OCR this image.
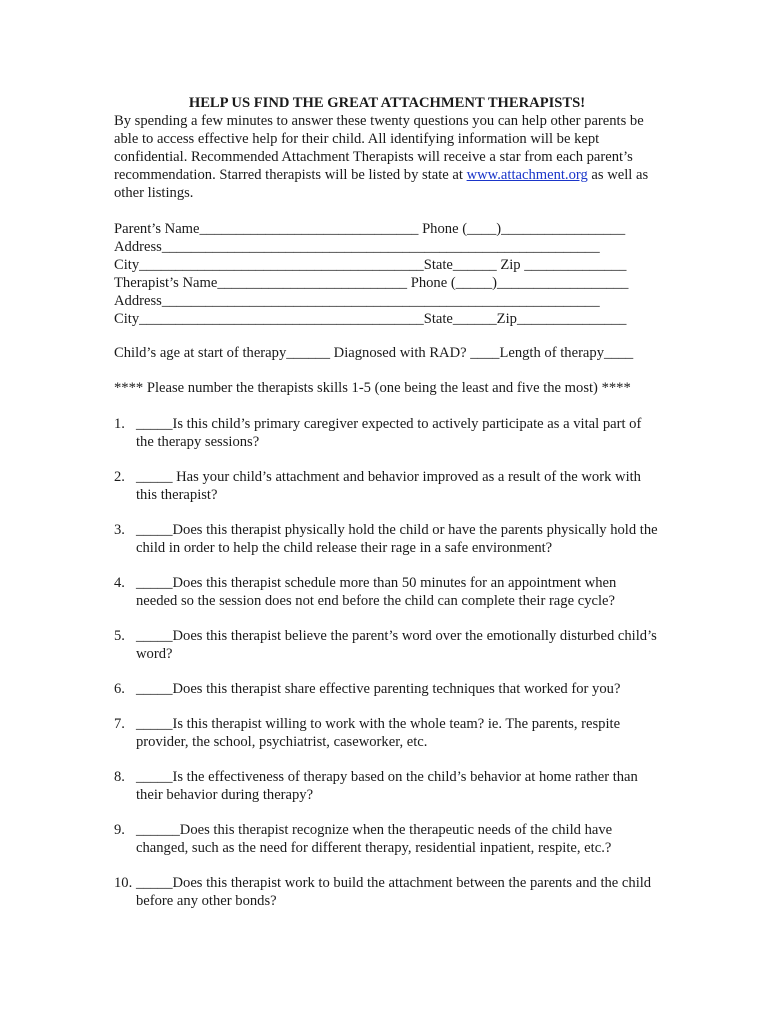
HELP US FIND THE GREAT ATTACHMENT THERAPISTS!

By spending a few minutes to answer these twenty questions you can help other parents be able to access effective help for their child. All identifying information will be kept confidential. Recommended Attachment Therapists will receive a star from each parent’s recommendation. Starred therapists will be listed by state at www.attachment.org as well as other listings.

Parent’s Name______________________________ Phone (____)_________________
Address____________________________________________________________
City_______________________________________State______ Zip ______________
Therapist’s Name__________________________ Phone (_____)__________________
Address____________________________________________________________
City_______________________________________State______Zip_______________
Child’s age at start of therapy______ Diagnosed with RAD? ____Length of therapy____
**** Please number the therapists skills 1-5 (one being the least and five the most) ****
1. _____Is this child’s primary caregiver expected to actively participate as a vital part of the therapy sessions?
2. _____ Has your child’s attachment and behavior improved as a result of the work with this therapist?
3. _____Does this therapist physically hold the child or have the parents physically hold the child in order to help the child release their rage in a safe environment?
4. _____Does this therapist schedule more than 50 minutes for an appointment when needed so the session does not end before the child can complete their rage cycle?
5. _____Does this therapist believe the parent’s word over the emotionally disturbed child’s word?
6. _____Does this therapist share effective parenting techniques that worked for you?
7. _____Is this therapist willing to work with the whole team? ie. The parents, respite provider, the school, psychiatrist, caseworker, etc.
8. _____Is the effectiveness of therapy based on the child’s behavior at home rather than their behavior during therapy?
9. ______Does this therapist recognize when the therapeutic needs of the child have changed, such as the need for different therapy, residential inpatient, respite, etc.?
10. _____Does this therapist work to build the attachment between the parents and the child before any other bonds?
